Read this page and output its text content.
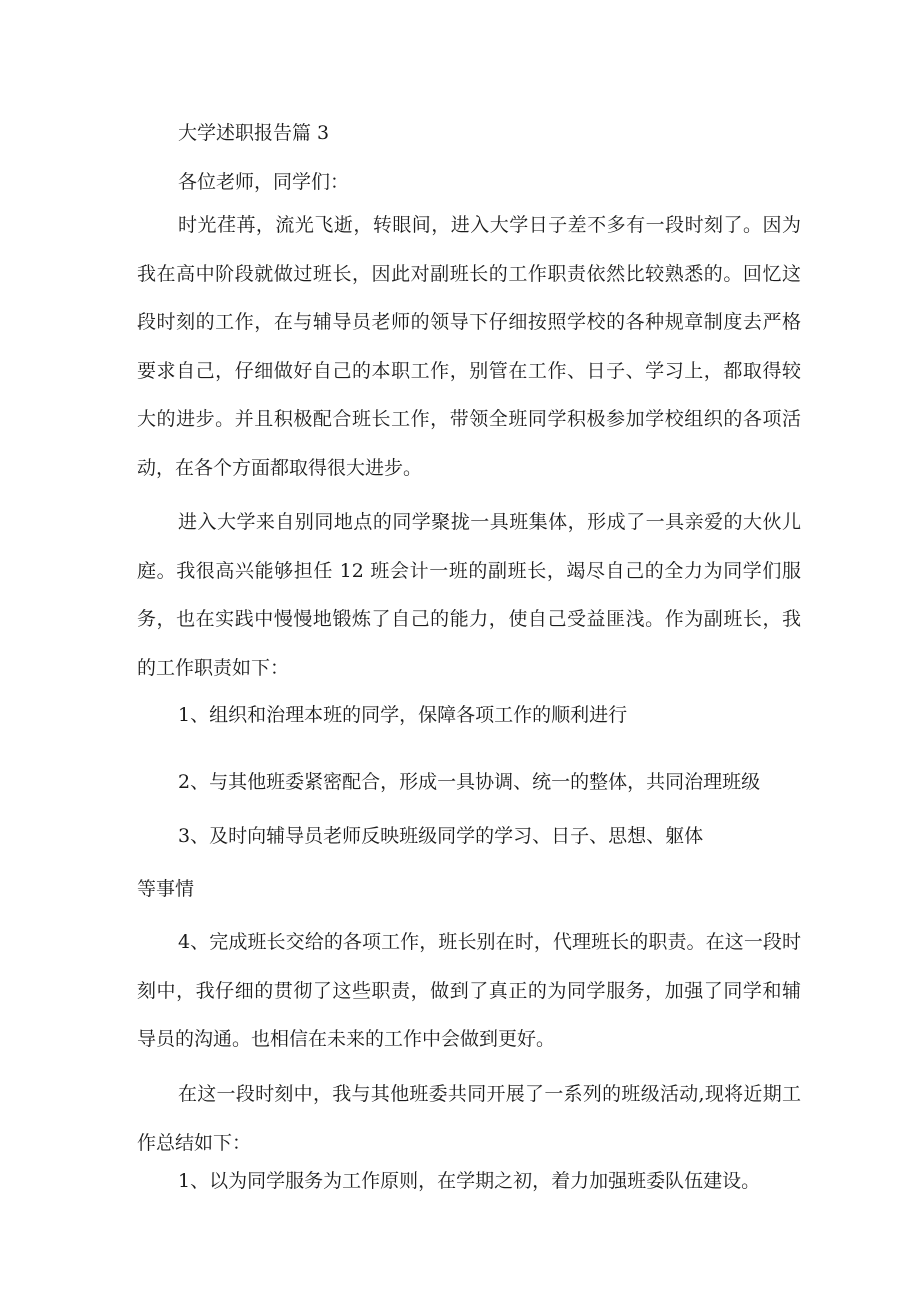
大学述职报告篇 3

各位老师，同学们：

时光荏苒，流光飞逝，转眼间，进入大学日子差不多有一段时刻了。因为我在高中阶段就做过班长，因此对副班长的工作职责依然比较熟悉的。回忆这段时刻的工作，在与辅导员老师的领导下仔细按照学校的各种规章制度去严格要求自己，仔细做好自己的本职工作，别管在工作、日子、学习上，都取得较大的进步。并且积极配合班长工作，带领全班同学积极参加学校组织的各项活动，在各个方面都取得很大进步。

进入大学来自别同地点的同学聚拢一具班集体，形成了一具亲爱的大伙儿庭。我很高兴能够担任 12 班会计一班的副班长，竭尽自己的全力为同学们服务，也在实践中慢慢地锻炼了自己的能力，使自己受益匪浅。作为副班长，我的工作职责如下：

1、组织和治理本班的同学，保障各项工作的顺利进行

2、与其他班委紧密配合，形成一具协调、统一的整体，共同治理班级

3、及时向辅导员老师反映班级同学的学习、日子、思想、躯体

等事情

4、完成班长交给的各项工作，班长别在时，代理班长的职责。在这一段时刻中，我仔细的贯彻了这些职责，做到了真正的为同学服务，加强了同学和辅导员的沟通。也相信在未来的工作中会做到更好。

在这一段时刻中，我与其他班委共同开展了一系列的班级活动,现将近期工作总结如下：

1、以为同学服务为工作原则，在学期之初，着力加强班委队伍建设。
